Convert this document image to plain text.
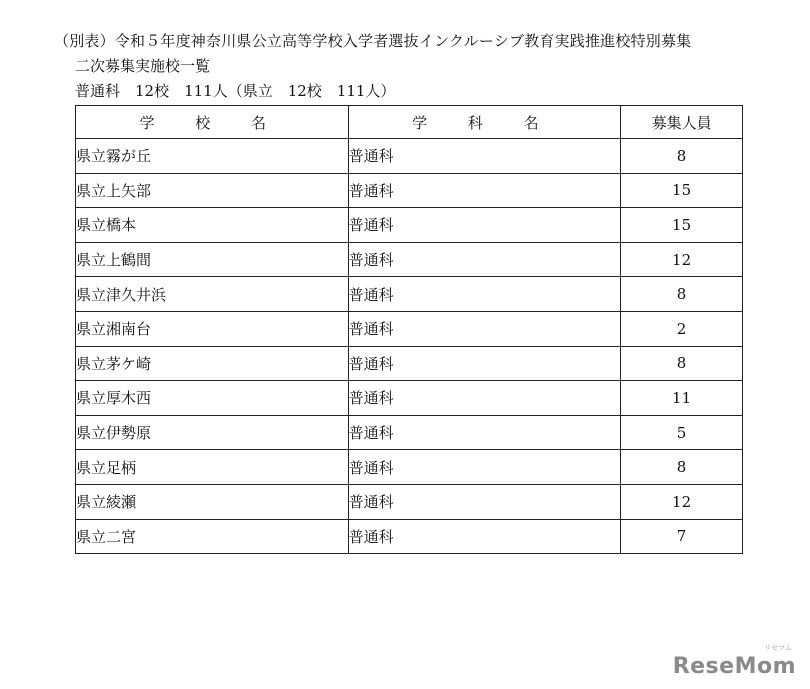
（別表）令和５年度神奈川県公立高等学校入学者選抜インクルーシブ教育実践推進校特別募集
二次募集実施校一覧
普通科　12校　111人（県立　12校　111人）
学 校 名	学 科 名	募集人員
県立霧が丘	普通科	8
県立上矢部	普通科	15
県立橋本	普通科	15
県立上鶴間	普通科	12
県立津久井浜	普通科	8
県立湘南台	普通科	2
県立茅ケ崎	普通科	8
県立厚木西	普通科	11
県立伊勢原	普通科	5
県立足柄	普通科	8
県立綾瀬	普通科	12
県立二宮	普通科	7
リセマム
ReseMom
